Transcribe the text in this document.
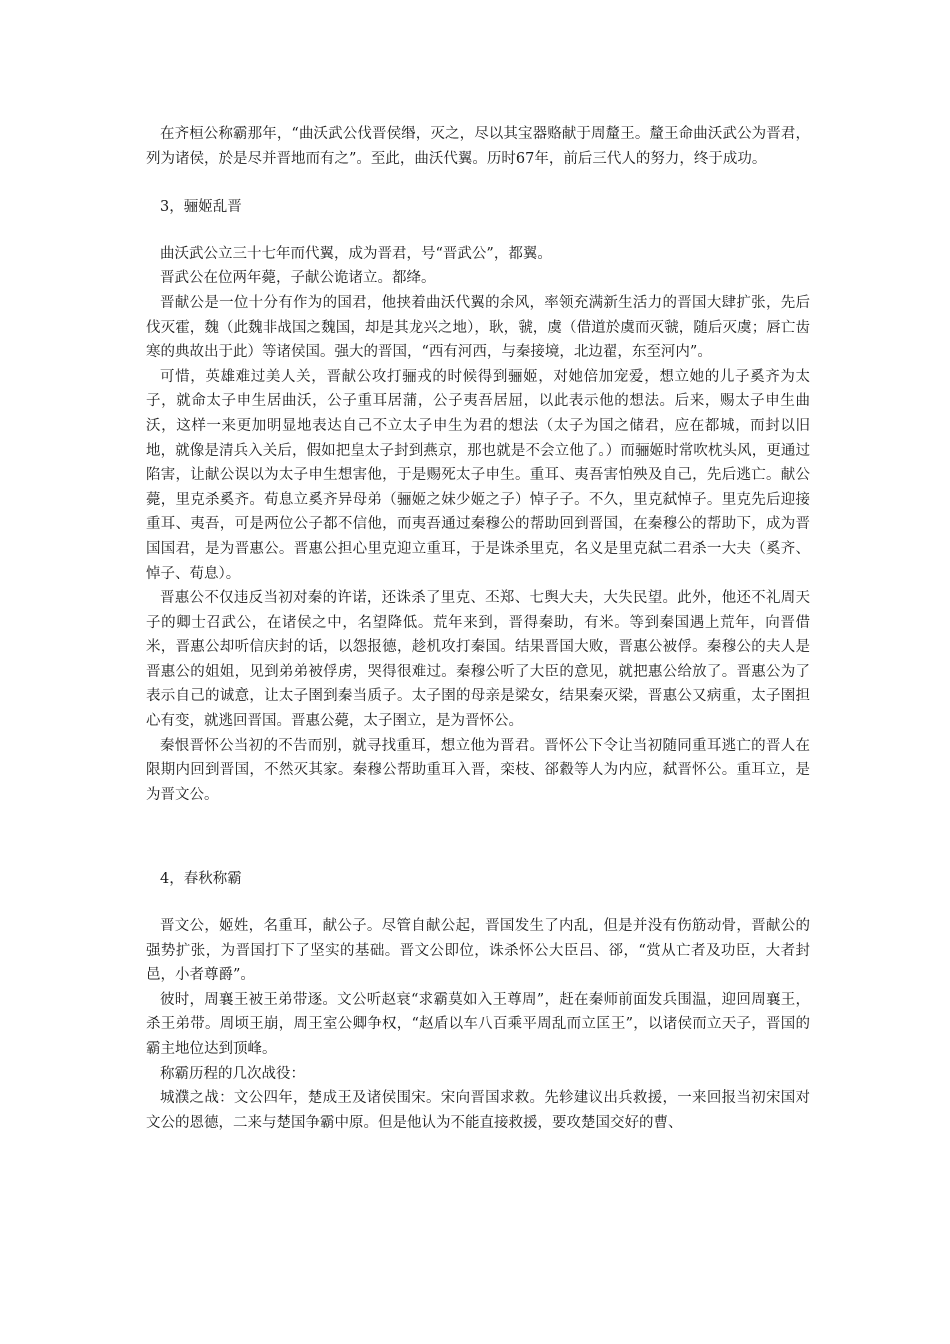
在齐桓公称霸那年，“曲沃武公伐晋侯缗，灭之，尽以其宝器赂献于周釐王。釐王命曲沃武公为晋君，列为诸侯，於是尽并晋地而有之”。至此，曲沃代翼。历时67年，前后三代人的努力，终于成功。

3，骊姬乱晋

曲沃武公立三十七年而代翼，成为晋君，号“晋武公”，都翼。

晋武公在位两年薨，子献公诡诸立。都绛。

晋献公是一位十分有作为的国君，他挟着曲沃代翼的余风，率领充满新生活力的晋国大肆扩张，先后伐灭霍，魏（此魏非战国之魏国，却是其龙兴之地），耿，虢，虞（借道於虞而灭虢，随后灭虞；唇亡齿寒的典故出于此）等诸侯国。强大的晋国，“西有河西，与秦接境，北边翟，东至河内”。

可惜，英雄难过美人关，晋献公攻打骊戎的时候得到骊姬，对她倍加宠爱，想立她的儿子奚齐为太子，就命太子申生居曲沃，公子重耳居蒲，公子夷吾居屈，以此表示他的想法。后来，赐太子申生曲沃，这样一来更加明显地表达自己不立太子申生为君的想法（太子为国之储君，应在都城，而封以旧地，就像是清兵入关后，假如把皇太子封到燕京，那也就是不会立他了。）而骊姬时常吹枕头风，更通过陷害，让献公误以为太子申生想害他，于是赐死太子申生。重耳、夷吾害怕殃及自己，先后逃亡。献公薨，里克杀奚齐。荀息立奚齐异母弟（骊姬之妹少姬之子）悼子子。不久，里克弑悼子。里克先后迎接重耳、夷吾，可是两位公子都不信他，而夷吾通过秦穆公的帮助回到晋国，在秦穆公的帮助下，成为晋国国君，是为晋惠公。晋惠公担心里克迎立重耳，于是诛杀里克，名义是里克弑二君杀一大夫（奚齐、悼子、荀息）。

晋惠公不仅违反当初对秦的许诺，还诛杀了里克、丕郑、七舆大夫，大失民望。此外，他还不礼周天子的卿士召武公，在诸侯之中，名望降低。荒年来到，晋得秦助，有米。等到秦国遇上荒年，向晋借米，晋惠公却听信庆封的话，以怨报德，趁机攻打秦国。结果晋国大败，晋惠公被俘。秦穆公的夫人是晋惠公的姐姐，见到弟弟被俘虏，哭得很难过。秦穆公听了大臣的意见，就把惠公给放了。晋惠公为了表示自己的诚意，让太子圉到秦当质子。太子圉的母亲是梁女，结果秦灭梁，晋惠公又病重，太子圉担心有变，就逃回晋国。晋惠公薨，太子圉立，是为晋怀公。

秦恨晋怀公当初的不告而别，就寻找重耳，想立他为晋君。晋怀公下令让当初随同重耳逃亡的晋人在限期内回到晋国，不然灭其家。秦穆公帮助重耳入晋，栾枝、郤縠等人为内应，弑晋怀公。重耳立，是为晋文公。

4，春秋称霸

晋文公，姬姓，名重耳，献公子。尽管自献公起，晋国发生了内乱，但是并没有伤筋动骨，晋献公的强势扩张，为晋国打下了坚实的基础。晋文公即位，诛杀怀公大臣吕、郤，“赏从亡者及功臣，大者封邑，小者尊爵”。

彼时，周襄王被王弟带逐。文公听赵衰“求霸莫如入王尊周”，赶在秦师前面发兵围温，迎回周襄王，杀王弟带。周顷王崩，周王室公卿争权，“赵盾以车八百乘平周乱而立匡王”，以诸侯而立天子，晋国的霸主地位达到顶峰。

称霸历程的几次战役：

城濮之战：文公四年，楚成王及诸侯围宋。宋向晋国求救。先轸建议出兵救援，一来回报当初宋国对文公的恩德，二来与楚国争霸中原。但是他认为不能直接救援，要攻楚国交好的曹、
